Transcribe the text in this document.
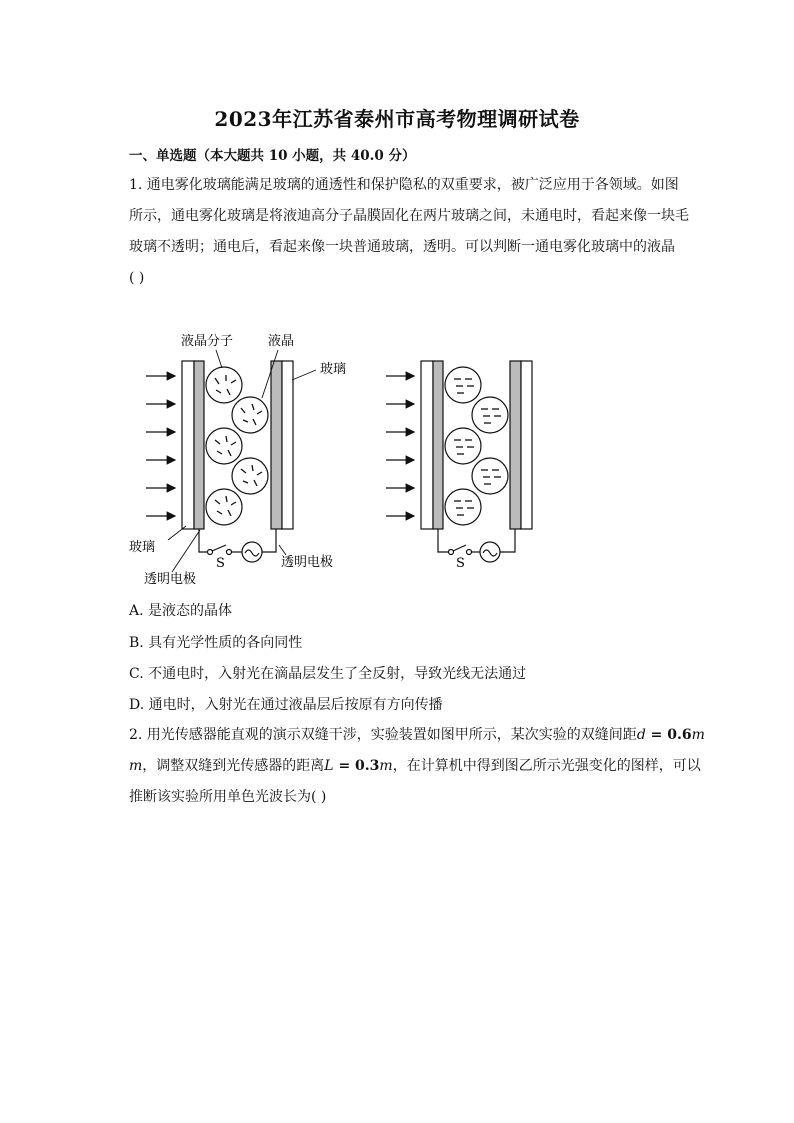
2023年江苏省泰州市高考物理调研试卷
一、单选题（本大题共 10 小题，共 40.0 分）
1. 通电雾化玻璃能满足玻璃的通透性和保护隐私的双重要求，被广泛应用于各领域。如图
所示，通电雾化玻璃是将液迪高分子晶膜固化在两片玻璃之间，未通电时，看起来像一块毛
玻璃不透明；通电后，看起来像一块普通玻璃，透明。可以判断一通电雾化玻璃中的液晶
( )
液晶分子	液晶
玻璃
玻璃
透明电极
S	透明电极	S
A. 是液态的晶体
B. 具有光学性质的各向同性
C. 不通电时，入射光在滴晶层发生了全反射，导致光线无法通过
D. 通电时，入射光在通过液晶层后按原有方向传播
2. 用光传感器能直观的演示双缝干涉，实验装置如图甲所示，某次实验的双缝间距d = 0.6m
m，调整双缝到光传感器的距离L = 0.3m，在计算机中得到图乙所示光强变化的图样，可以
推断该实验所用单色光波长为( )
